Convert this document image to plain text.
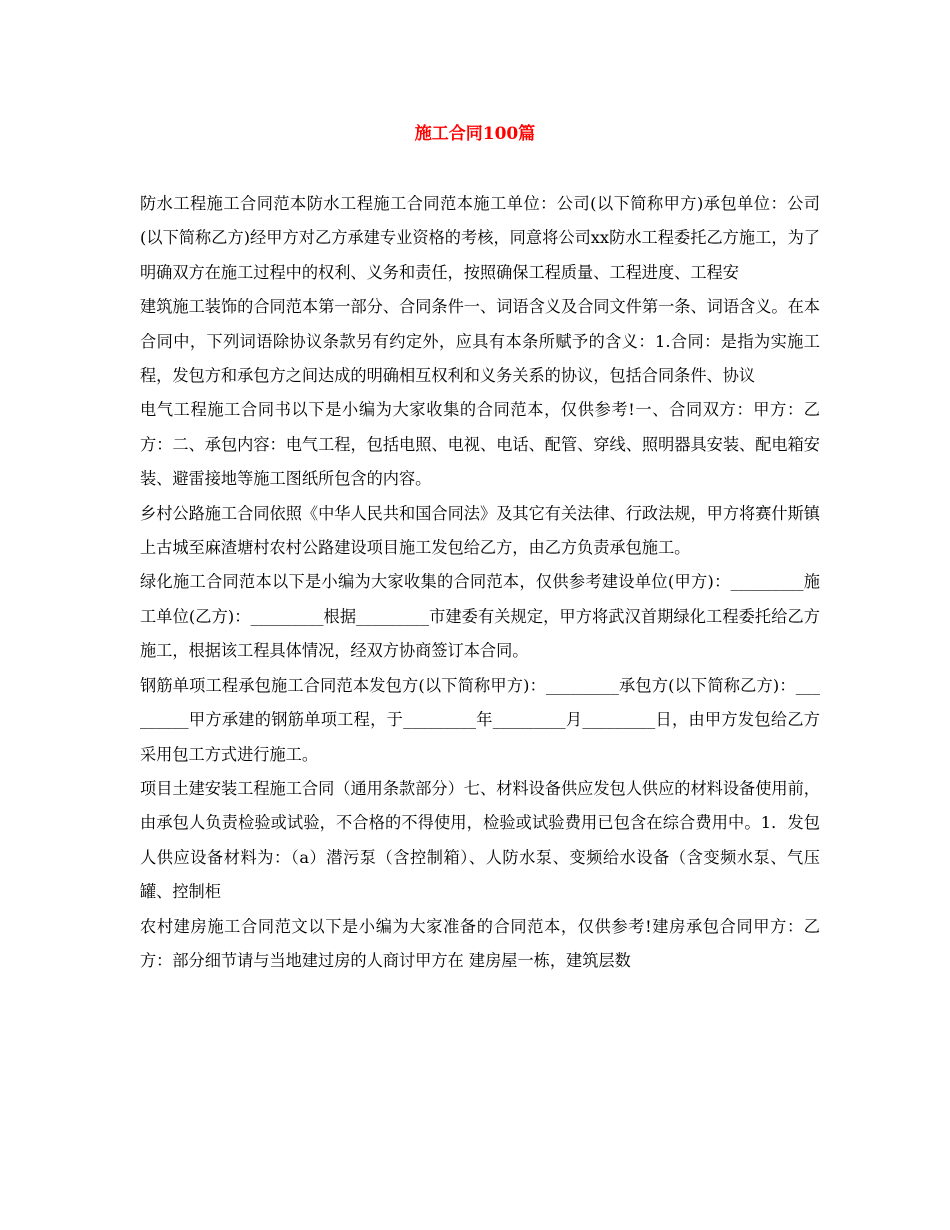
施工合同100篇

防水工程施工合同范本防水工程施工合同范本施工单位：公司(以下简称甲方)承包单位：公司(以下简称乙方)经甲方对乙方承建专业资格的考核，同意将公司xx防水工程委托乙方施工，为了明确双方在施工过程中的权利、义务和责任，按照确保工程质量、工程进度、工程安

建筑施工装饰的合同范本第一部分、合同条件一、词语含义及合同文件第一条、词语含义。在本合同中，下列词语除协议条款另有约定外，应具有本条所赋予的含义：1.合同：是指为实施工程，发包方和承包方之间达成的明确相互权利和义务关系的协议，包括合同条件、协议

电气工程施工合同书以下是小编为大家收集的合同范本，仅供参考!一、合同双方：甲方：乙方：二、承包内容：电气工程，包括电照、电视、电话、配管、穿线、照明器具安装、配电箱安装、避雷接地等施工图纸所包含的内容。

乡村公路施工合同依照《中华人民共和国合同法》及其它有关法律、行政法规，甲方将赛什斯镇上古城至麻渣塘村农村公路建设项目施工发包给乙方，由乙方负责承包施工。

绿化施工合同范本以下是小编为大家收集的合同范本，仅供参考建设单位(甲方)：_________施工单位(乙方)：_________根据_________市建委有关规定，甲方将武汉首期绿化工程委托给乙方施工，根据该工程具体情况，经双方协商签订本合同。

钢筋单项工程承包施工合同范本发包方(以下简称甲方)：_________承包方(以下简称乙方)：_________甲方承建的钢筋单项工程，于_________年_________月_________日，由甲方发包给乙方采用包工方式进行施工。

项目土建安装工程施工合同（通用条款部分）七、材料设备供应发包人供应的材料设备使用前，由承包人负责检验或试验，不合格的不得使用，检验或试验费用已包含在综合费用中。1．发包人供应设备材料为：（a）潜污泵（含控制箱）、人防水泵、变频给水设备（含变频水泵、气压罐、控制柜

农村建房施工合同范文以下是小编为大家准备的合同范本，仅供参考!建房承包合同甲方：乙方：部分细节请与当地建过房的人商讨甲方在 建房屋一栋，建筑层数
